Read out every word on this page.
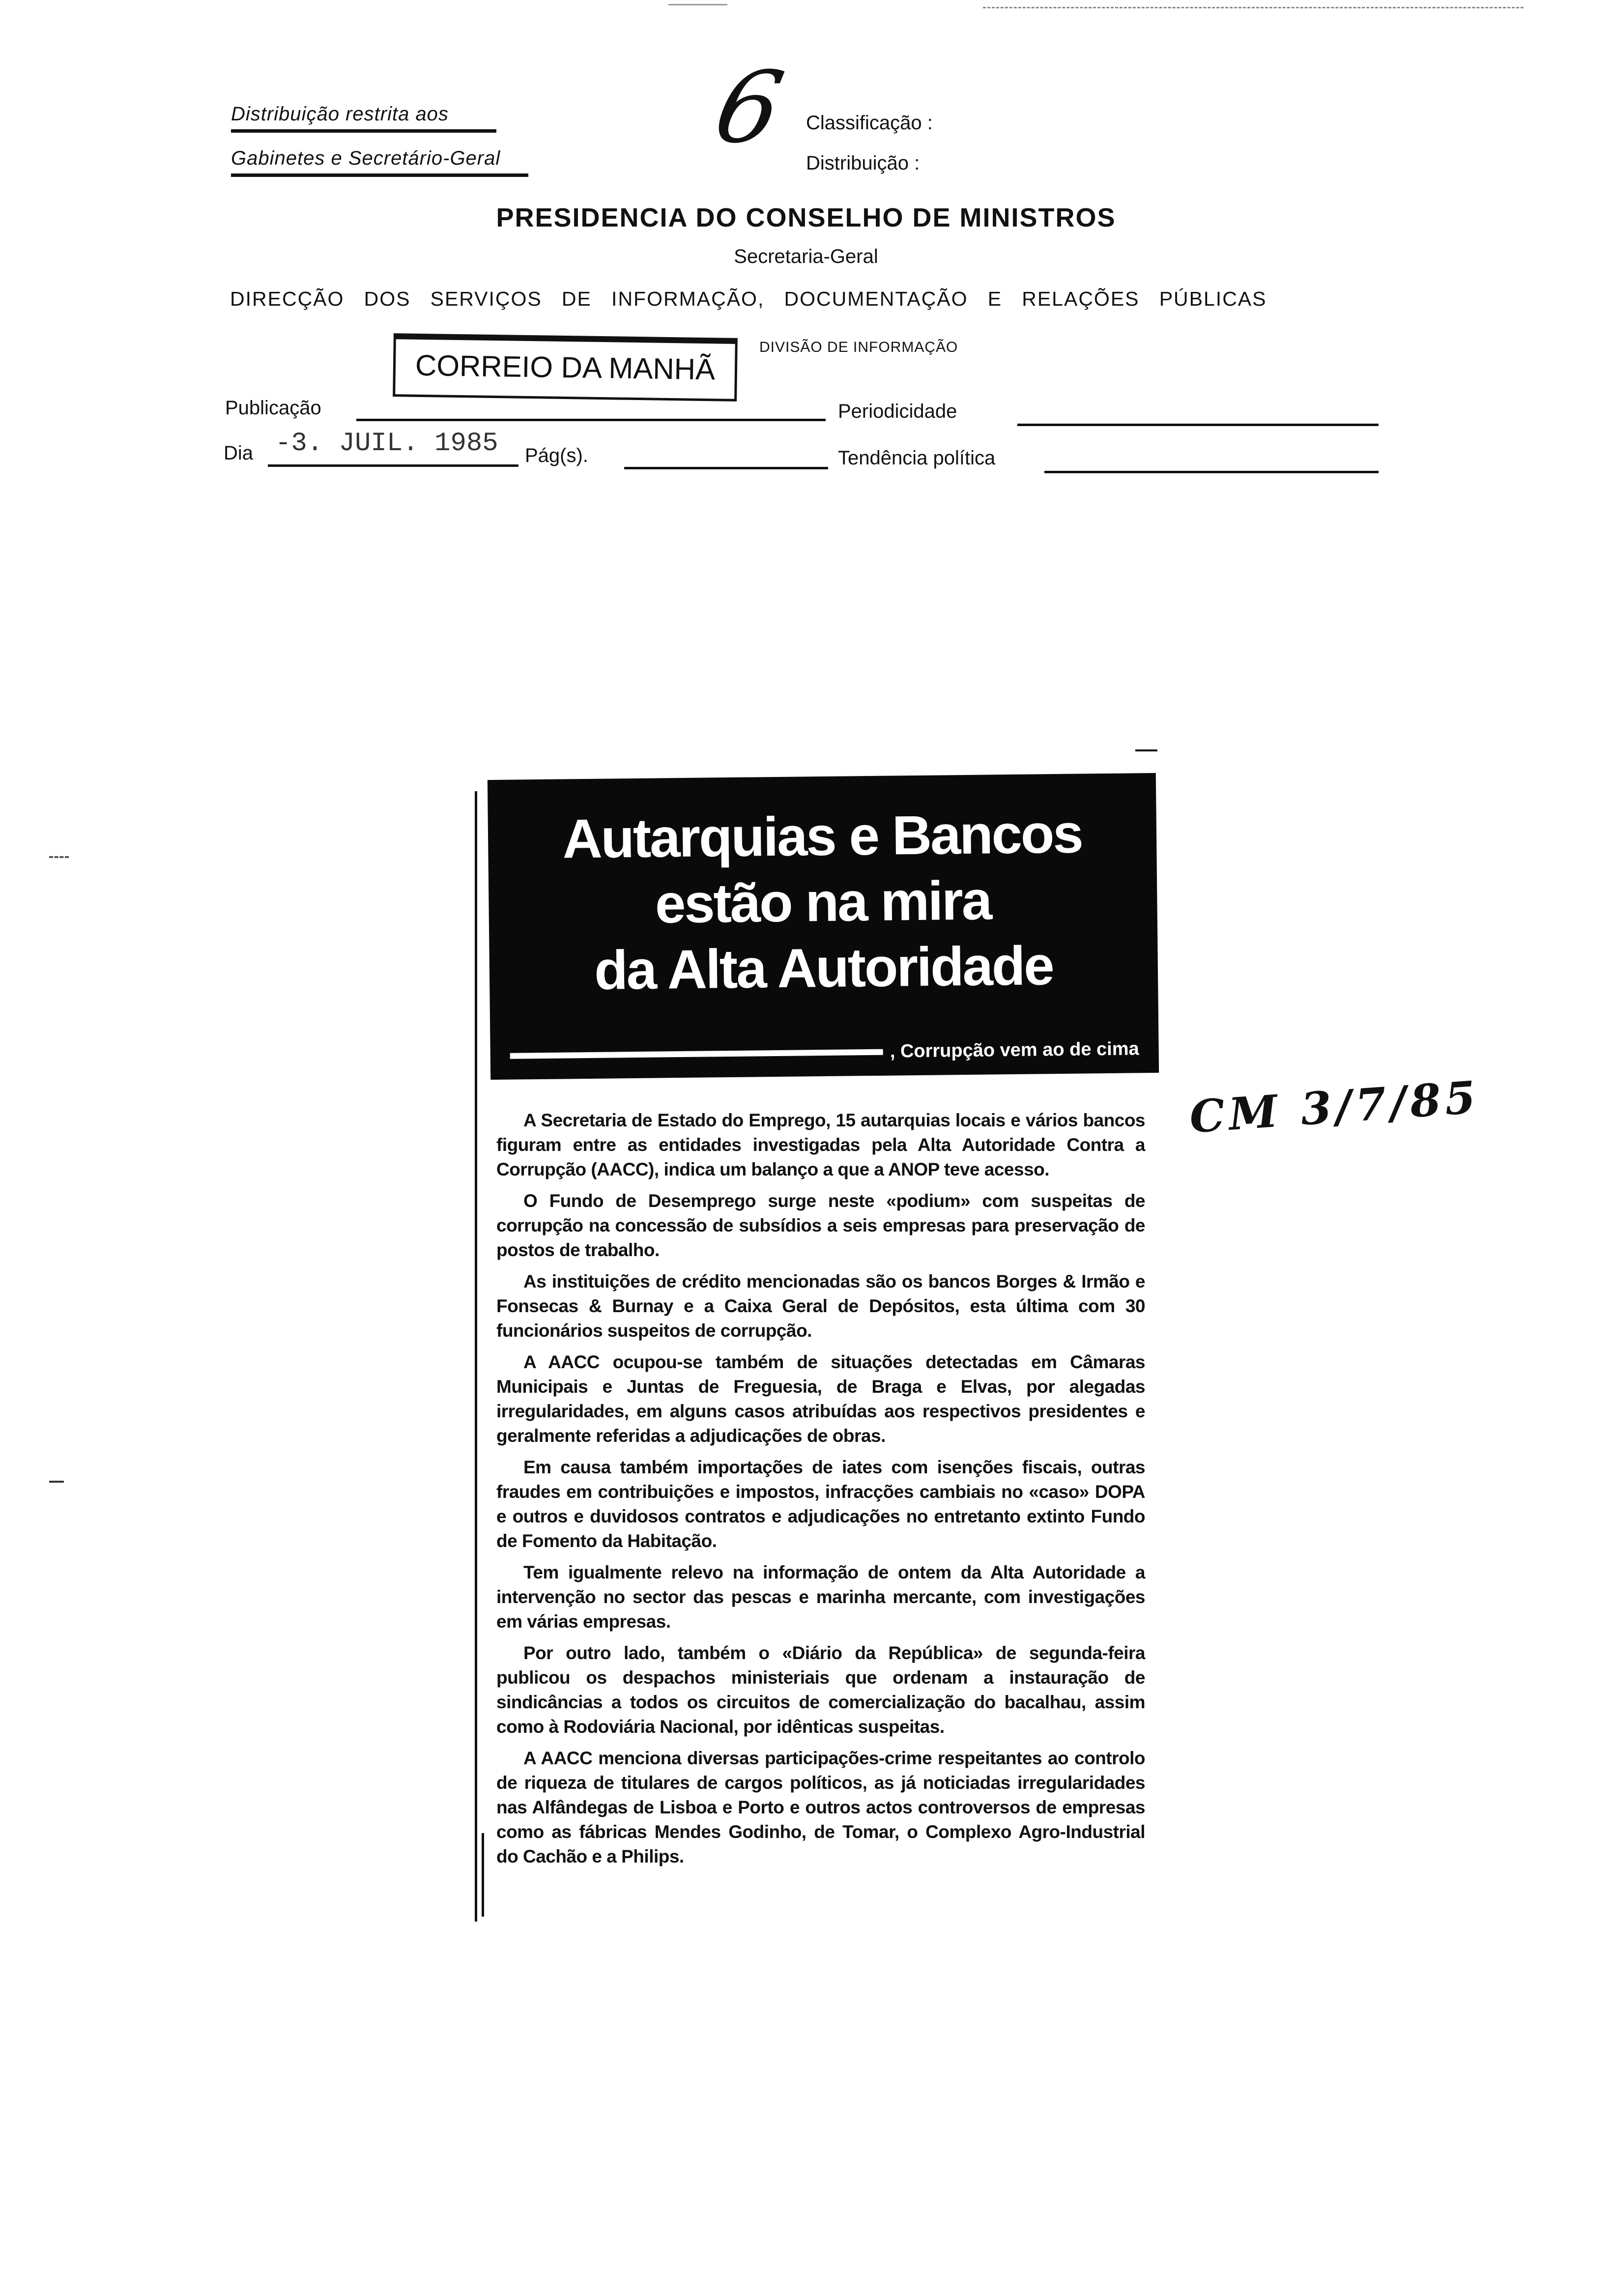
Distribuição restrita aos
Gabinetes e Secretário-Geral 6 Classificação :
Distribuição :
PRESIDENCIA DO CONSELHO DE MINISTROS
Secretaria-Geral
DIRECÇÃO   DOS   SERVIÇOS   DE   INFORMAÇÃO,   DOCUMENTAÇÃO   E   RELAÇÕES   PÚBLICAS
CORREIO DA MANHÃ
DIVISÃO DE INFORMAÇÃO
Publicação	Periodicidade
Dia -3. JUIL. 1985 Pág(s).	Tendência política
Autarquias e Bancos
estão na mira
da Alta Autoridade
, Corrupção vem ao de cima
CM 3/7/85

A Secretaria de Estado do Emprego, 15 autarquias locais e vários bancos figuram entre as entidades investigadas pela Alta Autoridade Contra a Corrupção (AACC), indica um balanço a que a ANOP teve acesso.

O Fundo de Desemprego surge neste «podium» com suspeitas de corrupção na concessão de subsídios a seis empresas para preservação de postos de trabalho.

As instituições de crédito mencionadas são os bancos Borges & Irmão e Fonsecas & Burnay e a Caixa Geral de Depósitos, esta última com 30 funcionários suspeitos de corrupção.

A AACC ocupou-se também de situações detectadas em Câmaras Municipais e Juntas de Freguesia, de Braga e Elvas, por alegadas irregularidades, em alguns casos atribuídas aos respectivos presidentes e geralmente referidas a adjudicações de obras.

Em causa também importações de iates com isenções fiscais, outras fraudes em contribuições e impostos, infracções cambiais no «caso» DOPA e outros e duvidosos contratos e adjudicações no entretanto extinto Fundo de Fomento da Habitação.

Tem igualmente relevo na informação de ontem da Alta Autoridade a intervenção no sector das pescas e marinha mercante, com investigações em várias empresas.

Por outro lado, também o «Diário da República» de segunda-feira publicou os despachos ministeriais que ordenam a instauração de sindicâncias a todos os circuitos de comercialização do bacalhau, assim como à Rodoviária Nacional, por idênticas suspeitas.

A AACC menciona diversas participações-crime respeitantes ao controlo de riqueza de titulares de cargos políticos, as já noticiadas irregularidades nas Alfândegas de Lisboa e Porto e outros actos controversos de empresas como as fábricas Mendes Godinho, de Tomar, o Complexo Agro-Industrial do Cachão e a Philips.
